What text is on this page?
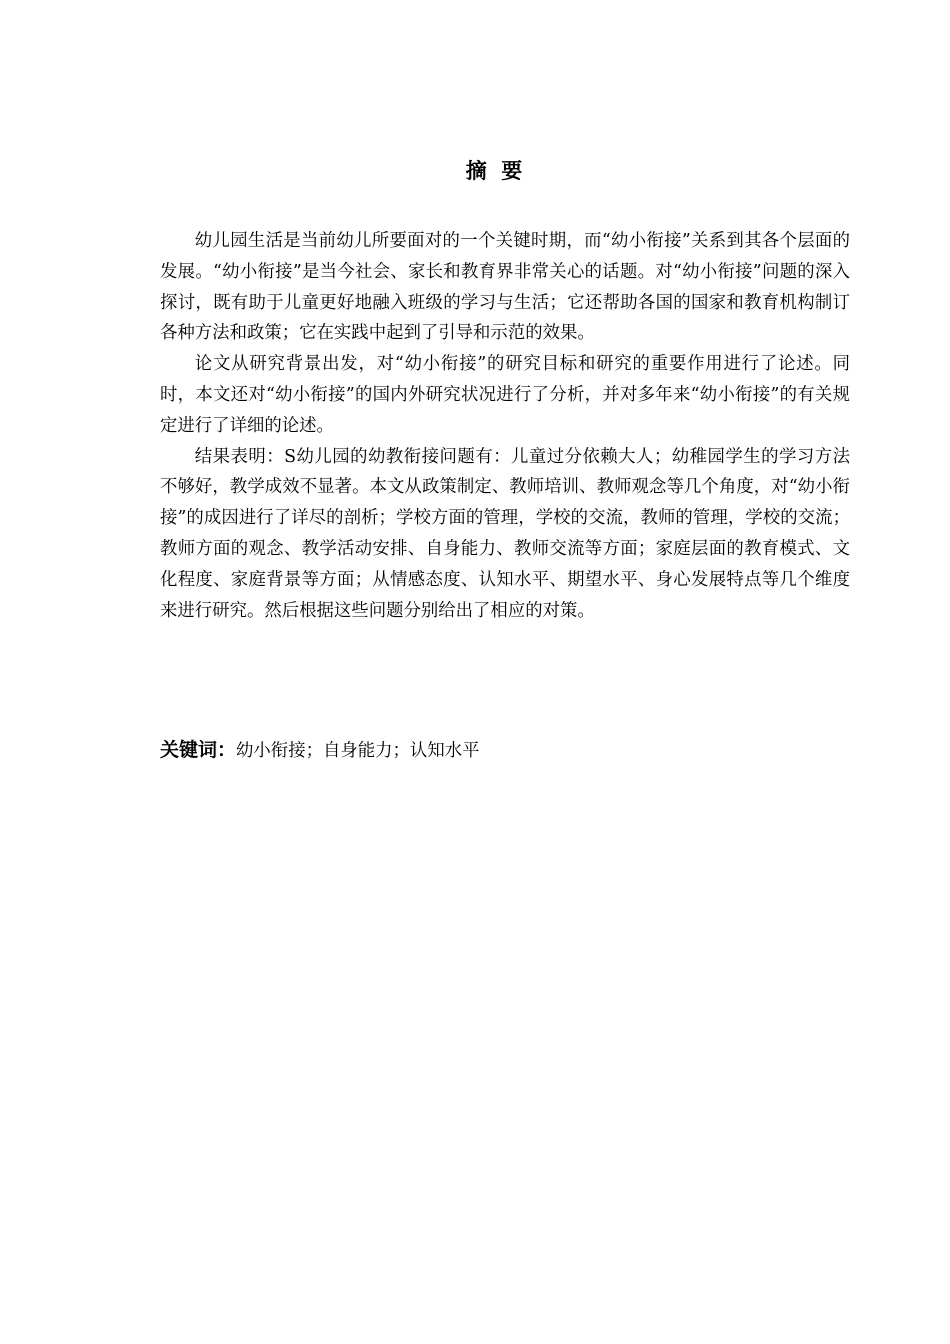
摘  要

幼儿园生活是当前幼儿所要面对的一个关键时期，而“幼小衔接”关系到其各个层面的发展。“幼小衔接”是当今社会、家长和教育界非常关心的话题。对“幼小衔接”问题的深入探讨，既有助于儿童更好地融入班级的学习与生活；它还帮助各国的国家和教育机构制订各种方法和政策；它在实践中起到了引导和示范的效果。

论文从研究背景出发，对“幼小衔接”的研究目标和研究的重要作用进行了论述。同时，本文还对“幼小衔接”的国内外研究状况进行了分析，并对多年来“幼小衔接”的有关规定进行了详细的论述。

结果表明：S幼儿园的幼教衔接问题有：儿童过分依赖大人；幼稚园学生的学习方法不够好，教学成效不显著。本文从政策制定、教师培训、教师观念等几个角度，对“幼小衔接”的成因进行了详尽的剖析；学校方面的管理，学校的交流，教师的管理，学校的交流；教师方面的观念、教学活动安排、自身能力、教师交流等方面；家庭层面的教育模式、文化程度、家庭背景等方面；从情感态度、认知水平、期望水平、身心发展特点等几个维度来进行研究。然后根据这些问题分别给出了相应的对策。

关键词：幼小衔接；自身能力；认知水平
